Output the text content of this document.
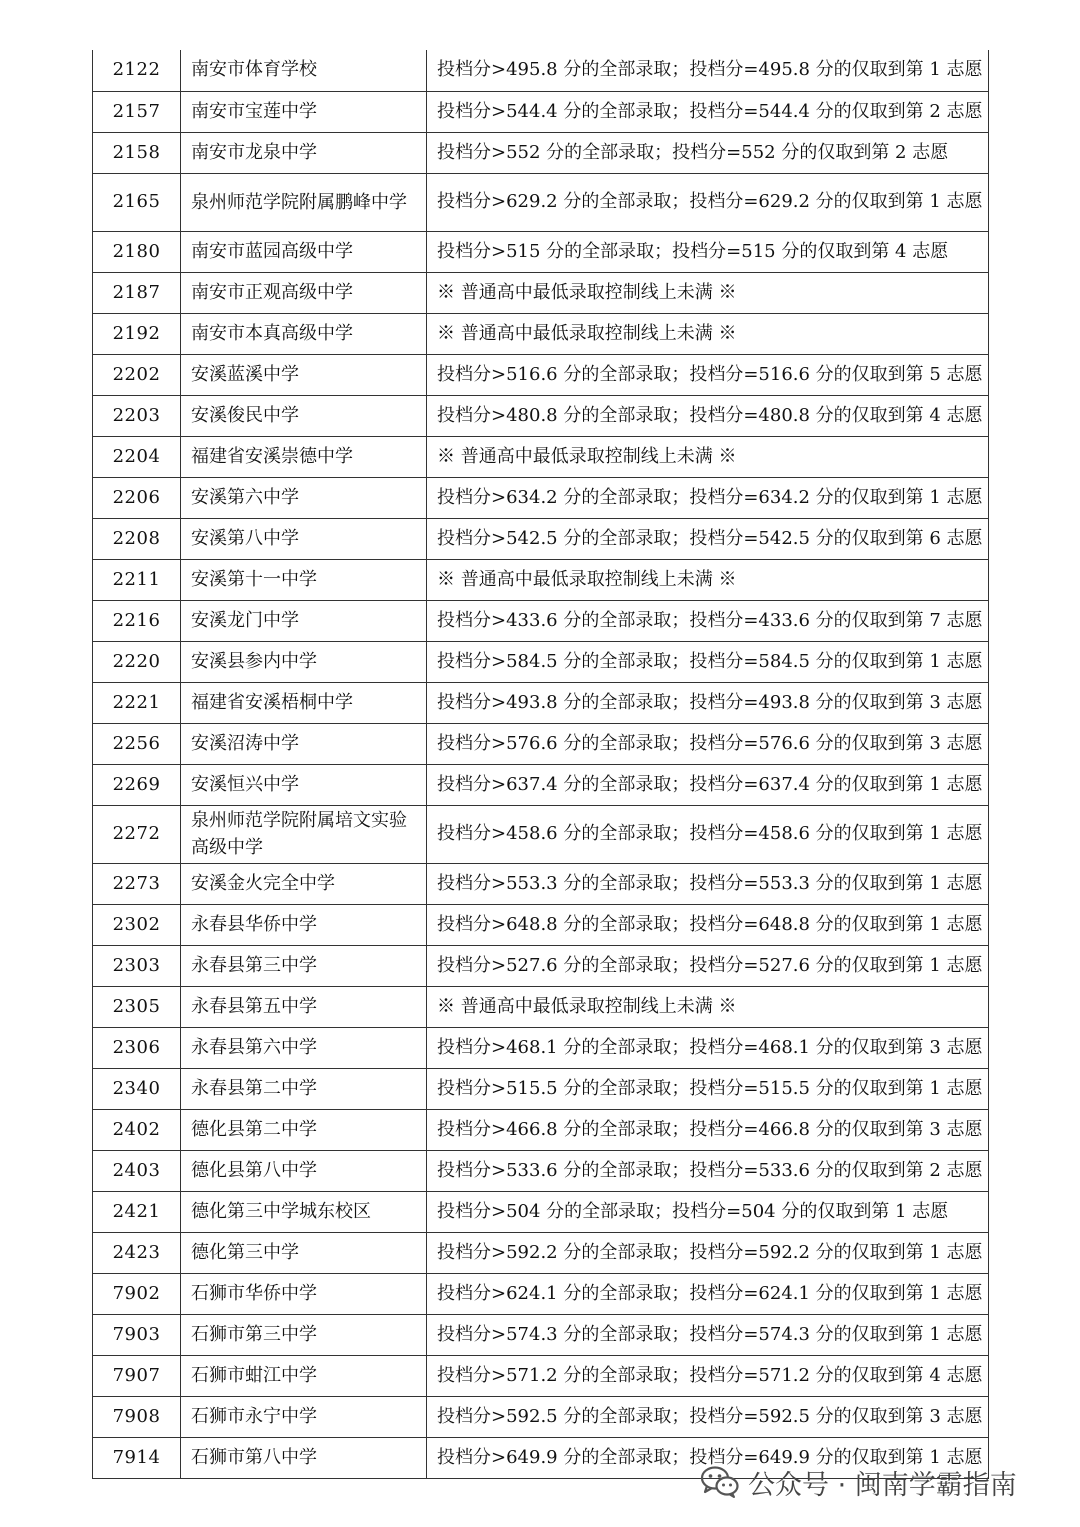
2122	南安市体育学校	投档分>495.8 分的全部录取；投档分=495.8 分的仅取到第 1 志愿
2157	南安市宝莲中学	投档分>544.4 分的全部录取；投档分=544.4 分的仅取到第 2 志愿
2158	南安市龙泉中学	投档分>552 分的全部录取；投档分=552 分的仅取到第 2 志愿
2165	泉州师范学院附属鹏峰中学	投档分>629.2 分的全部录取；投档分=629.2 分的仅取到第 1 志愿
2180	南安市蓝园高级中学	投档分>515 分的全部录取；投档分=515 分的仅取到第 4 志愿
2187	南安市正观高级中学	※ 普通高中最低录取控制线上未满 ※
2192	南安市本真高级中学	※ 普通高中最低录取控制线上未满 ※
2202	安溪蓝溪中学	投档分>516.6 分的全部录取；投档分=516.6 分的仅取到第 5 志愿
2203	安溪俊民中学	投档分>480.8 分的全部录取；投档分=480.8 分的仅取到第 4 志愿
2204	福建省安溪崇德中学	※ 普通高中最低录取控制线上未满 ※
2206	安溪第六中学	投档分>634.2 分的全部录取；投档分=634.2 分的仅取到第 1 志愿
2208	安溪第八中学	投档分>542.5 分的全部录取；投档分=542.5 分的仅取到第 6 志愿
2211	安溪第十一中学	※ 普通高中最低录取控制线上未满 ※
2216	安溪龙门中学	投档分>433.6 分的全部录取；投档分=433.6 分的仅取到第 7 志愿
2220	安溪县参内中学	投档分>584.5 分的全部录取；投档分=584.5 分的仅取到第 1 志愿
2221	福建省安溪梧桐中学	投档分>493.8 分的全部录取；投档分=493.8 分的仅取到第 3 志愿
2256	安溪沼涛中学	投档分>576.6 分的全部录取；投档分=576.6 分的仅取到第 3 志愿
2269	安溪恒兴中学	投档分>637.4 分的全部录取；投档分=637.4 分的仅取到第 1 志愿
2272	泉州师范学院附属培文实验高级中学	投档分>458.6 分的全部录取；投档分=458.6 分的仅取到第 1 志愿
2273	安溪金火完全中学	投档分>553.3 分的全部录取；投档分=553.3 分的仅取到第 1 志愿
2302	永春县华侨中学	投档分>648.8 分的全部录取；投档分=648.8 分的仅取到第 1 志愿
2303	永春县第三中学	投档分>527.6 分的全部录取；投档分=527.6 分的仅取到第 1 志愿
2305	永春县第五中学	※ 普通高中最低录取控制线上未满 ※
2306	永春县第六中学	投档分>468.1 分的全部录取；投档分=468.1 分的仅取到第 3 志愿
2340	永春县第二中学	投档分>515.5 分的全部录取；投档分=515.5 分的仅取到第 1 志愿
2402	德化县第二中学	投档分>466.8 分的全部录取；投档分=466.8 分的仅取到第 3 志愿
2403	德化县第八中学	投档分>533.6 分的全部录取；投档分=533.6 分的仅取到第 2 志愿
2421	德化第三中学城东校区	投档分>504 分的全部录取；投档分=504 分的仅取到第 1 志愿
2423	德化第三中学	投档分>592.2 分的全部录取；投档分=592.2 分的仅取到第 1 志愿
7902	石狮市华侨中学	投档分>624.1 分的全部录取；投档分=624.1 分的仅取到第 1 志愿
7903	石狮市第三中学	投档分>574.3 分的全部录取；投档分=574.3 分的仅取到第 1 志愿
7907	石狮市蚶江中学	投档分>571.2 分的全部录取；投档分=571.2 分的仅取到第 4 志愿
7908	石狮市永宁中学	投档分>592.5 分的全部录取；投档分=592.5 分的仅取到第 3 志愿
7914	石狮市第八中学	投档分>649.9 分的全部录取；投档分=649.9 分的仅取到第 1 志愿
公众号 · 闽南学霸指南
